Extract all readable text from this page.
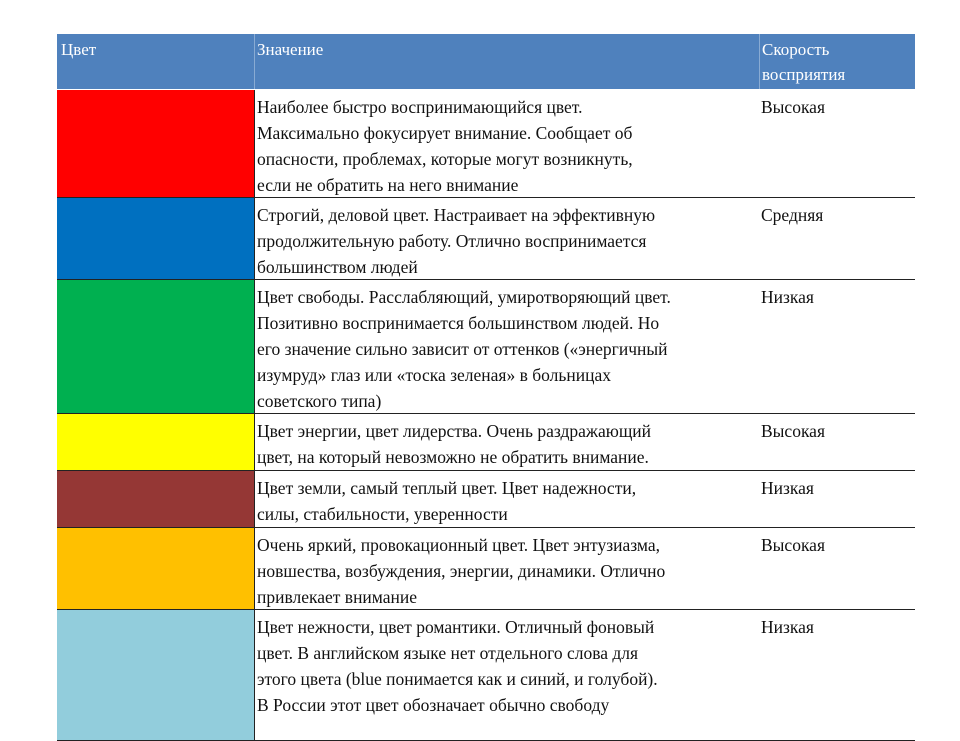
Цвет	Значение	Скорость
восприятия
Наиболее быстро воспринимающийся цвет.
Максимально фокусирует внимание. Сообщает об
опасности, проблемах, которые могут возникнуть,
если не обратить на него внимание
Высокая
Строгий, деловой цвет. Настраивает на эффективную
продолжительную работу. Отлично воспринимается
большинством людей
Средняя
Цвет свободы. Расслабляющий, умиротворяющий цвет.
Позитивно воспринимается большинством людей. Но
его значение сильно зависит от оттенков («энергичный
изумруд» глаз или «тоска зеленая» в больницах
советского типа)
Низкая
Цвет энергии, цвет лидерства. Очень раздражающий
цвет, на который невозможно не обратить внимание.
Высокая
Цвет земли, самый теплый цвет. Цвет надежности,
силы, стабильности, уверенности
Низкая
Очень яркий, провокационный цвет. Цвет энтузиазма,
новшества, возбуждения, энергии, динамики. Отлично
привлекает внимание
Высокая
Цвет нежности, цвет романтики. Отличный фоновый
цвет. В английском языке нет отдельного слова для
этого цвета (blue понимается как и синий, и голубой).
В России этот цвет обозначает обычно свободу
Низкая
